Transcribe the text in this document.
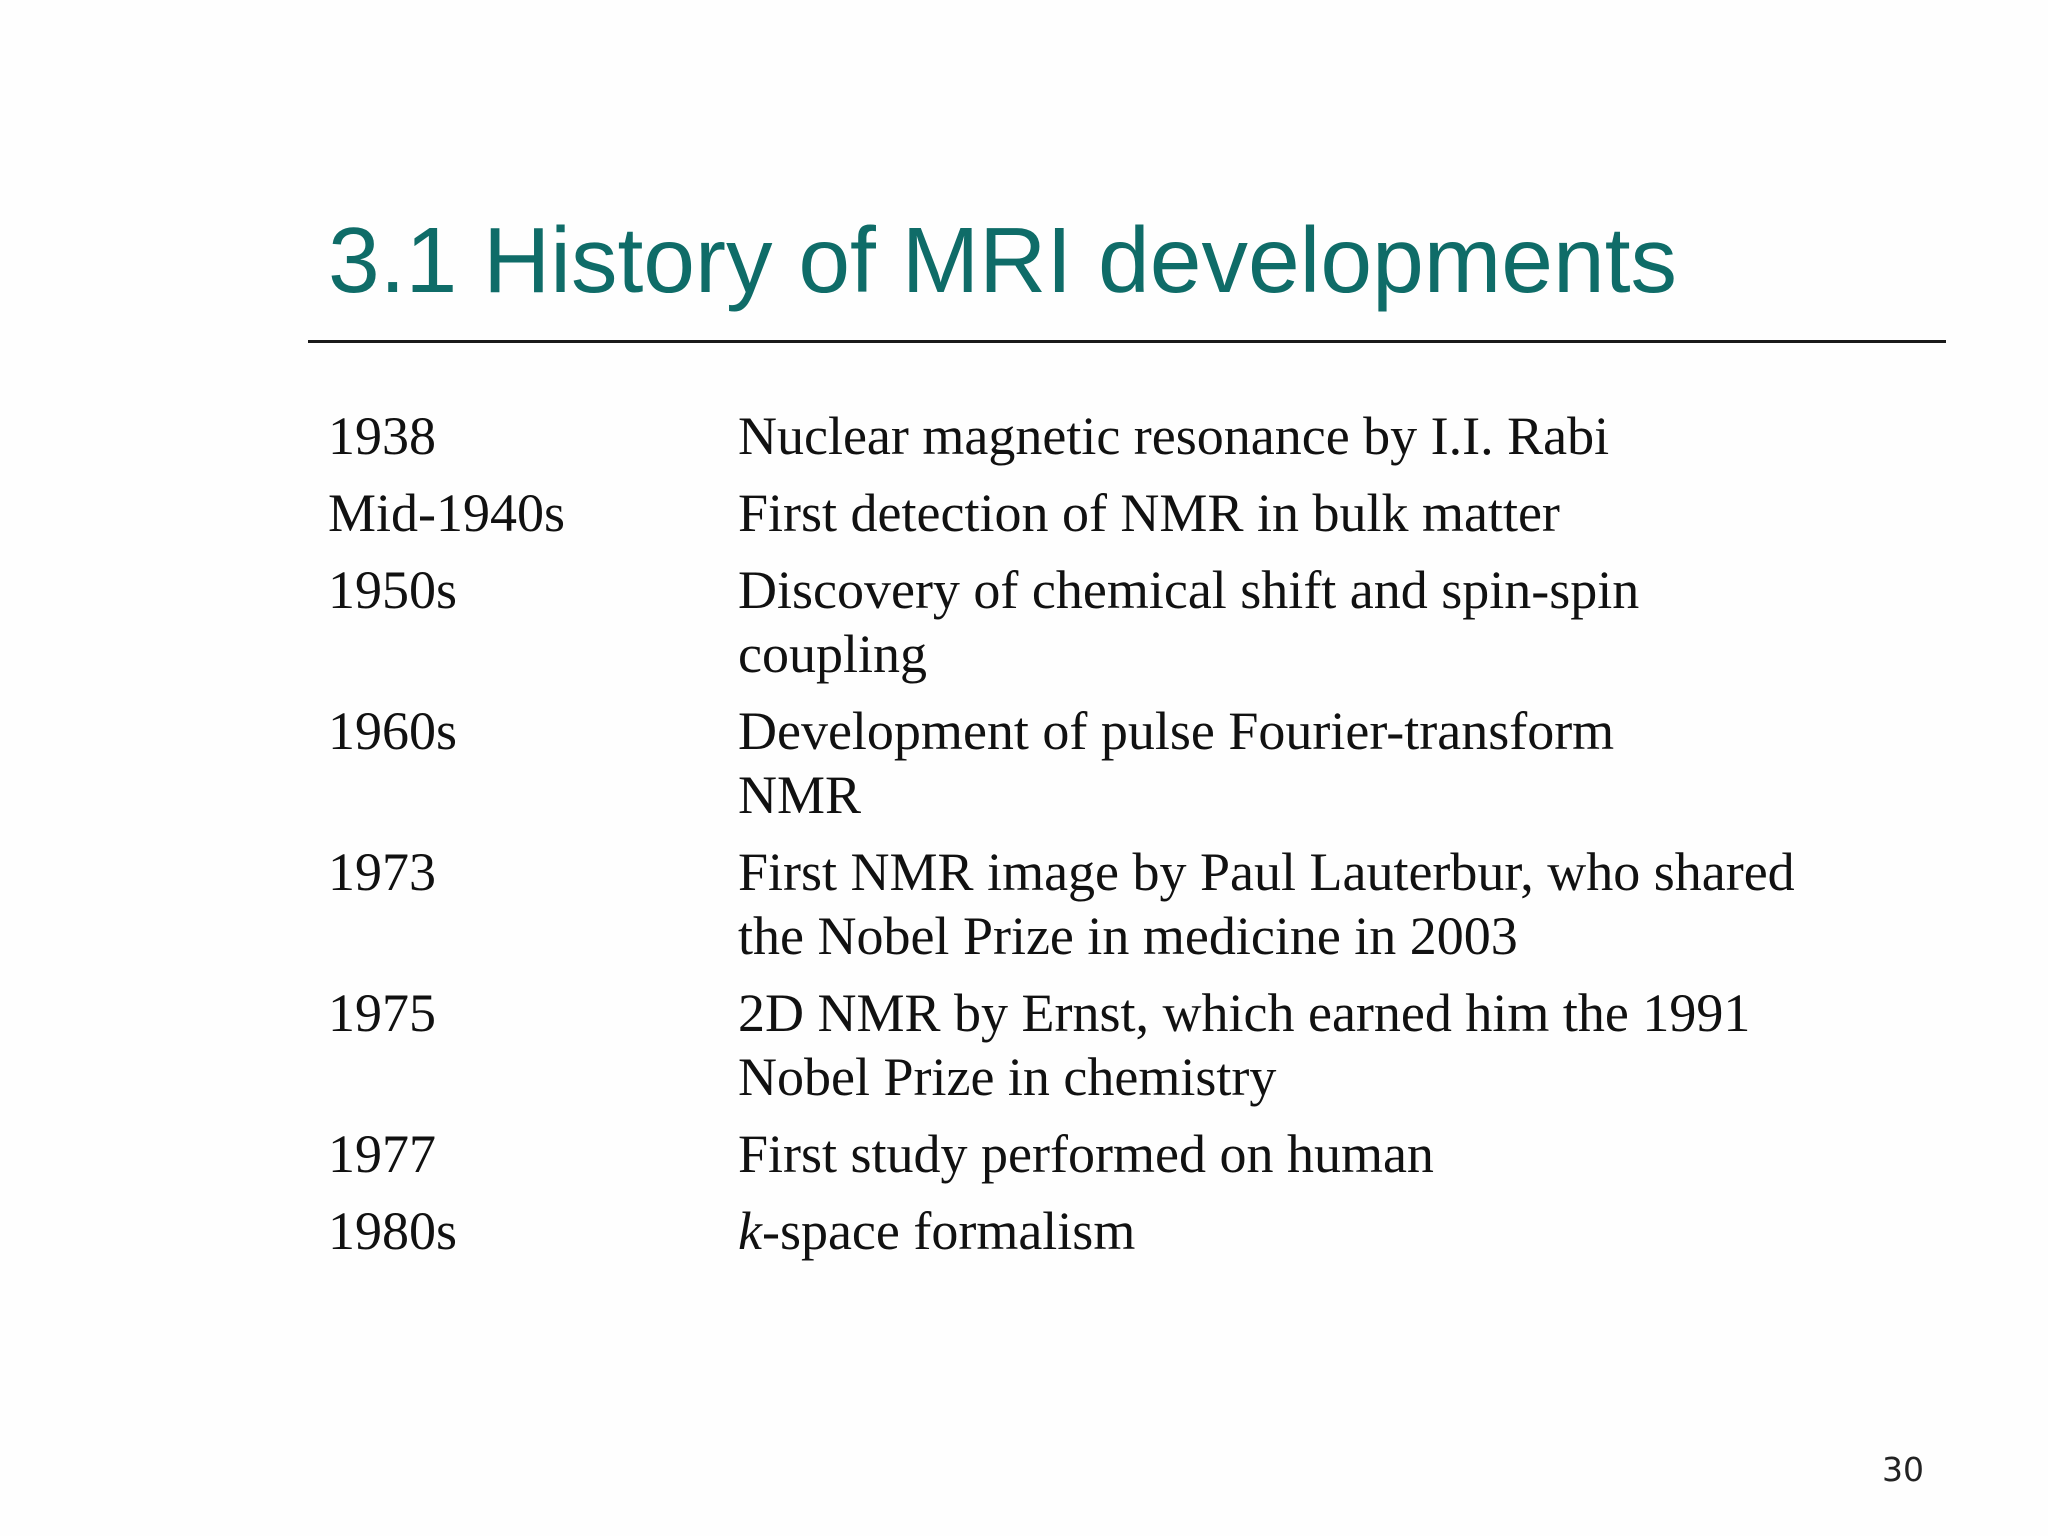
3.1 History of MRI developments
1938	Nuclear magnetic resonance by I.I. Rabi
Mid-1940s	First detection of NMR in bulk matter
1950s	Discovery of chemical shift and spin-spin
coupling
1960s	Development of pulse Fourier-transform
NMR
1973	First NMR image by Paul Lauterbur, who shared
the Nobel Prize in medicine in 2003
1975	2D NMR by Ernst, which earned him the 1991
Nobel Prize in chemistry
1977	First study performed on human
1980s	k-space formalism
30
